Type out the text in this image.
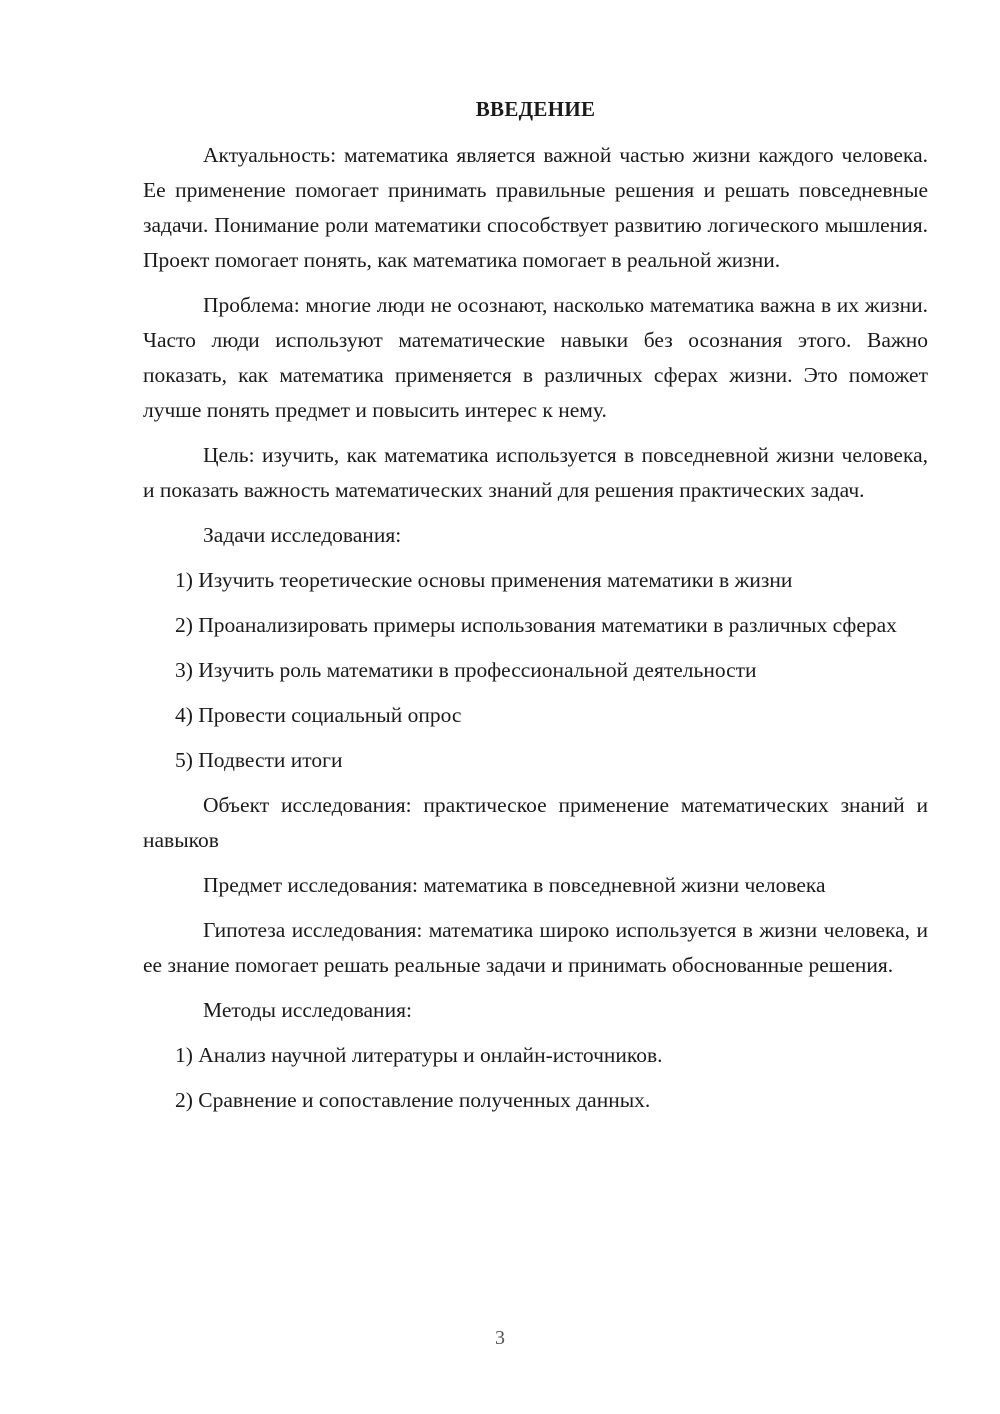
ВВЕДЕНИЕ

Актуальность: математика является важной частью жизни каждого человека. Ее применение помогает принимать правильные решения и решать повседневные задачи. Понимание роли математики способствует развитию логического мышления. Проект помогает понять, как математика помогает в реальной жизни.

Проблема: многие люди не осознают, насколько математика важна в их жизни. Часто люди используют математические навыки без осознания этого. Важно показать, как математика применяется в различных сферах жизни. Это поможет лучше понять предмет и повысить интерес к нему.

Цель: изучить, как математика используется в повседневной жизни человека, и показать важность математических знаний для решения практических задач.

Задачи исследования:

1) Изучить теоретические основы применения математики в жизни

2) Проанализировать примеры использования математики в различных сферах

3) Изучить роль математики в профессиональной деятельности

4) Провести социальный опрос

5) Подвести итоги

Объект исследования: практическое применение математических знаний и навыков

Предмет исследования: математика в повседневной жизни человека

Гипотеза исследования: математика широко используется в жизни человека, и ее знание помогает решать реальные задачи и принимать обоснованные решения.

Методы исследования:

1) Анализ научной литературы и онлайн-источников.

2) Сравнение и сопоставление полученных данных.

3
